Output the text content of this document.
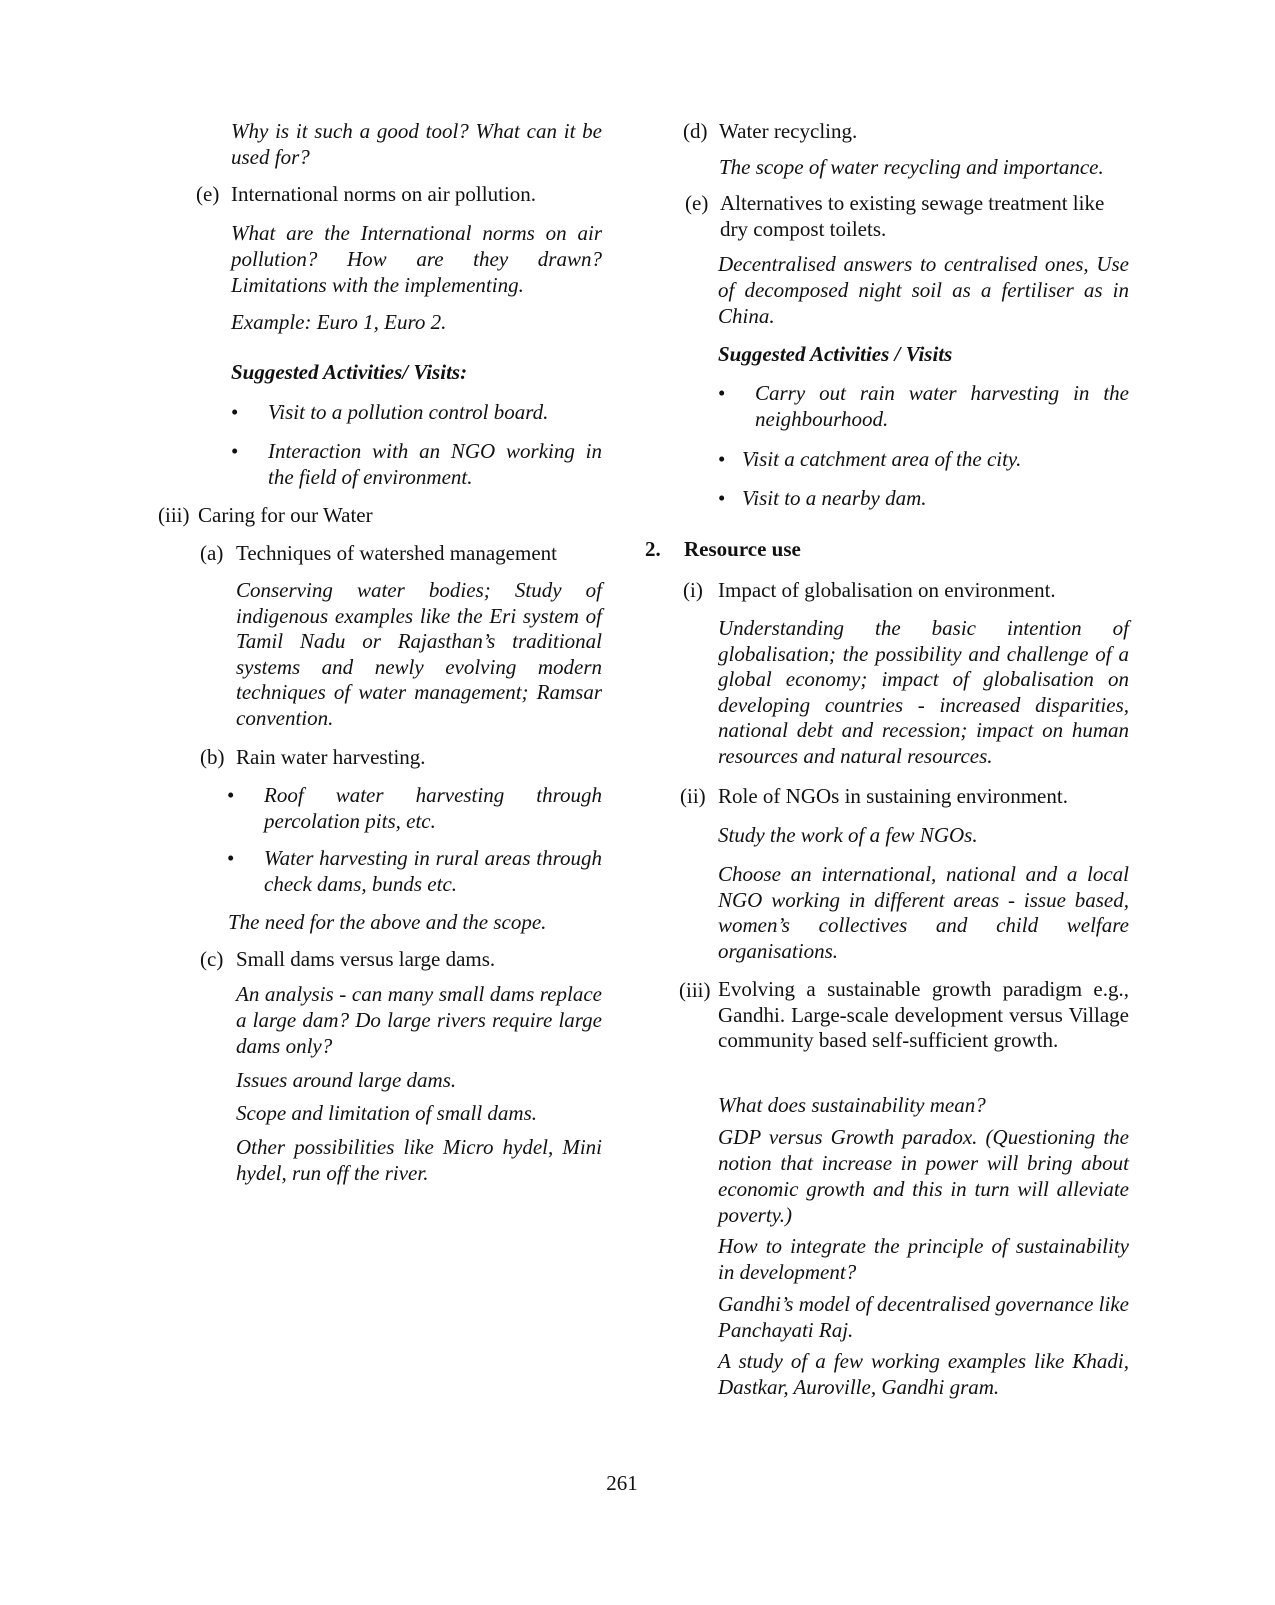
Why is it such a good tool? What can it be used for?
(e) International norms on air pollution.
What are the International norms on air pollution? How are they drawn? Limitations with the implementing.
Example: Euro 1, Euro 2.
Suggested Activities/ Visits:
• Visit to a pollution control board.
• Interaction with an NGO working in the field of environment.
(iii) Caring for our Water
(a) Techniques of watershed management
Conserving water bodies; Study of indigenous examples like the Eri system of Tamil Nadu or Rajasthan’s traditional systems and newly evolving modern techniques of water management; Ramsar convention.
(b) Rain water harvesting.
• Roof water harvesting through percolation pits, etc.
• Water harvesting in rural areas through check dams, bunds etc.
The need for the above and the scope.
(c) Small dams versus large dams.
An analysis - can many small dams replace a large dam? Do large rivers require large dams only?
Issues around large dams.
Scope and limitation of small dams.
Other possibilities like Micro hydel, Mini hydel, run off the river.
(d) Water recycling.
The scope of water recycling and importance.
(e) Alternatives to existing sewage treatment like dry compost toilets.
Decentralised answers to centralised ones, Use of decomposed night soil as a fertiliser as in China.
Suggested Activities / Visits
• Carry out rain water harvesting in the neighbourhood.
• Visit a catchment area of the city.
• Visit to a nearby dam.
2. Resource use
(i) Impact of globalisation on environment.
Understanding the basic intention of globalisation; the possibility and challenge of a global economy; impact of globalisation on developing countries - increased disparities, national debt and recession; impact on human resources and natural resources.
(ii) Role of NGOs in sustaining environment.
Study the work of a few NGOs.
Choose an international, national and a local NGO working in different areas - issue based, women’s collectives and child welfare organisations.
(iii) Evolving a sustainable growth paradigm e.g., Gandhi. Large-scale development versus Village community based self-sufficient growth.
What does sustainability mean?
GDP versus Growth paradox. (Questioning the notion that increase in power will bring about economic growth and this in turn will alleviate poverty.)
How to integrate the principle of sustainability in development?
Gandhi’s model of decentralised governance like Panchayati Raj.
A study of a few working examples like Khadi, Dastkar, Auroville, Gandhi gram.
261
